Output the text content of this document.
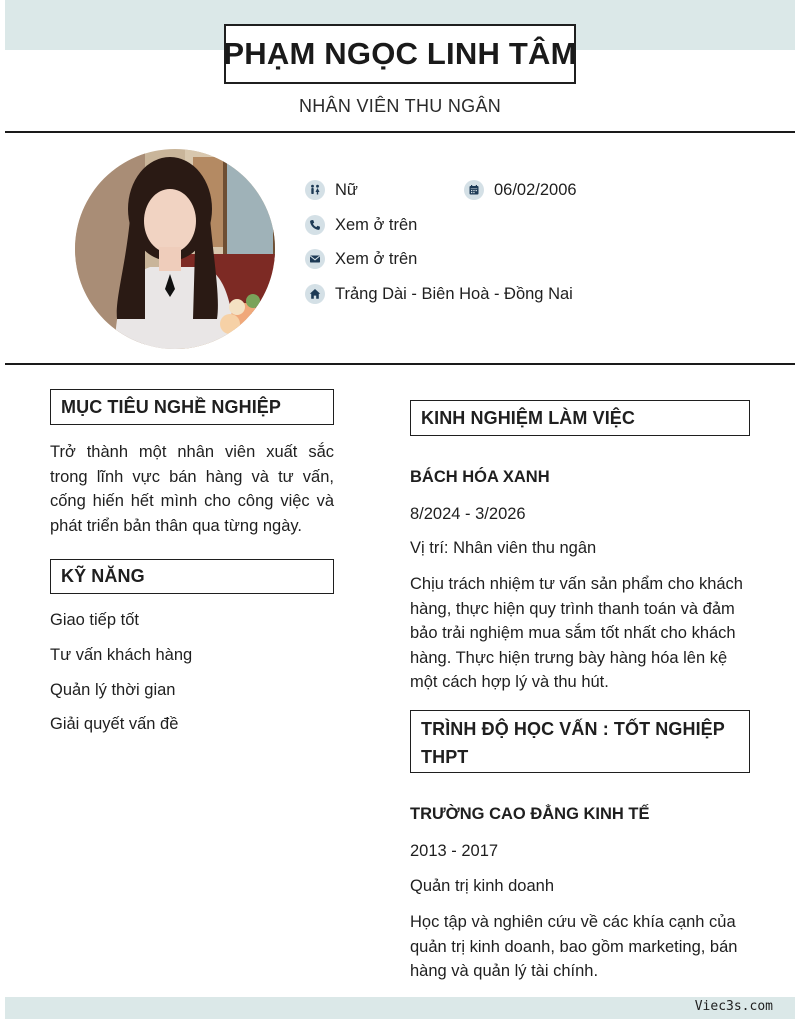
PHẠM NGỌC LINH TÂM
NHÂN VIÊN THU NGÂN
Nữ	06/02/2006
Xem ở trên
Xem ở trên
Trảng Dài - Biên Hoà - Đồng Nai
MỤC TIÊU NGHỀ NGHIỆP
Trở thành một nhân viên xuất sắc trong lĩnh vực bán hàng và tư vấn, cống hiến hết mình cho công việc và phát triển bản thân qua từng ngày.
KỸ NĂNG
Giao tiếp tốt
Tư vấn khách hàng
Quản lý thời gian
Giải quyết vấn đề
KINH NGHIỆM LÀM VIỆC
BÁCH HÓA XANH
8/2024 - 3/2026
Vị trí: Nhân viên thu ngân
Chịu trách nhiệm tư vấn sản phẩm cho khách hàng, thực hiện quy trình thanh toán và đảm bảo trải nghiệm mua sắm tốt nhất cho khách hàng. Thực hiện trưng bày hàng hóa lên kệ một cách hợp lý và thu hút.
TRÌNH ĐỘ HỌC VẤN : TỐT NGHIỆP THPT
TRƯỜNG CAO ĐẲNG KINH TẾ
2013 - 2017
Quản trị kinh doanh
Học tập và nghiên cứu về các khía cạnh của quản trị kinh doanh, bao gồm marketing, bán hàng và quản lý tài chính.
Viec3s.com
